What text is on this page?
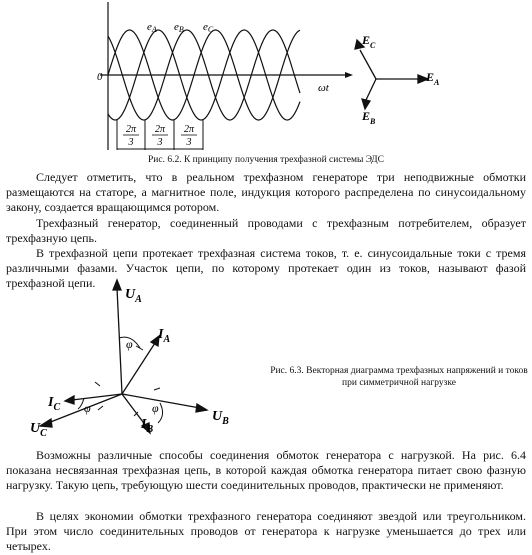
2π
3
2π
3
2π
3
0
ωt
eA eB eC
$E_A$
$E_C$
$E_B$
Рис. 6.2. К принципу получения трехфазной системы ЭДС

Следует отметить, что в реальном трехфазном генераторе три неподвижные обмотки размещаются на статоре, а магнитное поле, индукция которого распределена по синусоидальному закону, создается вращающимся ротором.

Трехфазный генератор, соединенный проводами с трехфазным потребителем, образует трехфазную цепь.

В трехфазной цепи протекает трехфазная система токов, т. е. синусоидальные токи с тремя различными фазами. Участок цепи, по которому протекает один из токов, называют фазой трехфазной цепи.

$U_A$
$U_B$
$U_C$
$I_A$
$I_B$
$I_C$
φ
φ
φ
Рис. 6.3. Векторная диаграмма трехфазных напряжений и токов при симметричной нагрузке

Возможны различные способы соединения обмоток генератора с нагрузкой. На рис. 6.4 показана несвязанная трехфазная цепь, в которой каждая обмотка генератора питает свою фазную нагрузку. Такую цепь, требующую шести соединительных проводов, практически не применяют.

В целях экономии обмотки трехфазного генератора соединяют звездой или треугольником. При этом число соединительных проводов от генератора к нагрузке уменьшается до трех или четырех.
